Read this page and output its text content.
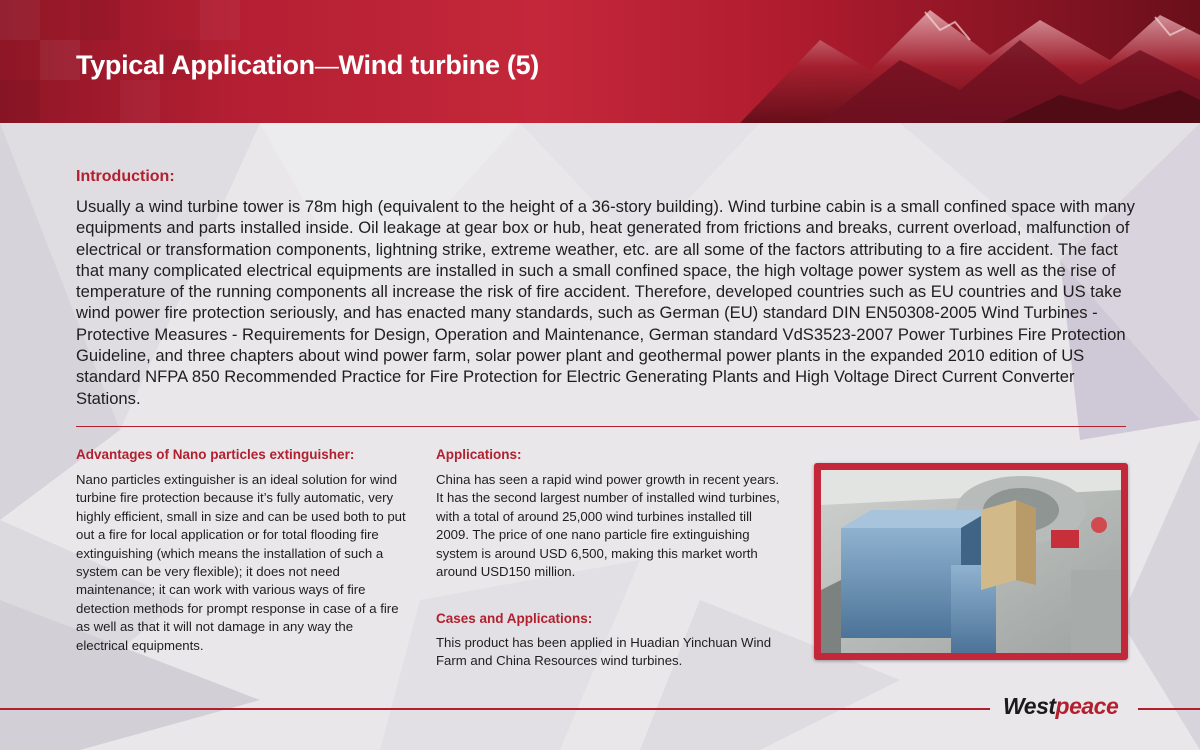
Typical Application—Wind turbine (5)
Introduction:

Usually a wind turbine tower is 78m high (equivalent to the height of a 36-story building). Wind turbine cabin is a small confined space with many equipments and parts installed inside. Oil leakage at gear box or hub, heat generated from frictions and breaks, current overload, malfunction of electrical or transformation components, lightning strike, extreme weather, etc. are all some of the factors attributing to a fire accident. The fact that many complicated electrical equipments are installed in such a small confined space, the high voltage power system as well as the rise of temperature of the running components all increase the risk of fire accident. Therefore, developed countries such as EU countries and US take wind power fire protection seriously, and has enacted many standards, such as German (EU) standard DIN EN50308-2005 Wind Turbines - Protective Measures - Requirements for Design, Operation and Maintenance, German standard VdS3523-2007 Power Turbines Fire Protection Guideline, and three chapters about wind power farm, solar power plant and geothermal power plants in the expanded 2010 edition of US standard NFPA 850 Recommended Practice for Fire Protection for Electric Generating Plants and High Voltage Direct Current Converter Stations.

Advantages of Nano particles extinguisher:

Nano particles extinguisher is an ideal solution for wind turbine fire protection because it’s fully automatic, very highly efficient, small in size and can be used both to put out a fire for local application or for total flooding fire extinguishing (which means the installation of such a system can be very flexible); it does not need maintenance; it can work with various ways of fire detection methods for prompt response in case of a fire as well as that it will not damage in any way the electrical equipments.

Applications:

China has seen a rapid wind power growth in recent years. It has the second largest number of installed wind turbines, with a total of around 25,000 wind turbines installed till 2009. The price of one nano particle fire extinguishing system is around USD 6,500, making this market worth around USD150 million.

Cases and Applications:

This product has been applied in Huadian Yinchuan Wind Farm and China Resources wind turbines.

Westpeace
